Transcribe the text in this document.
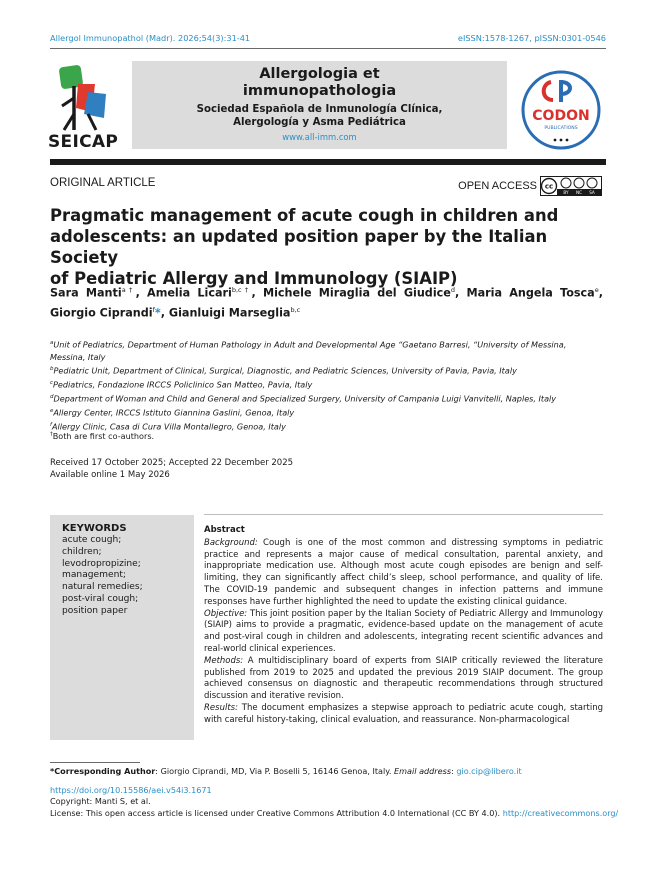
Allergol Immunopathol (Madr). 2026;54(3):31-41	eISSN:1578-1267, pISSN:0301-0546
SEICAP
Allergologia et
immunopathologia
Sociedad Española de Inmunología Clínica,
Alergología y Asma Pediátrica
www.all-imm.com
CODON
PUBLICATIONS
ORIGINAL ARTICLE	OPEN ACCESS cc
BY NC SA
Pragmatic management of acute cough in children and
adolescents: an updated position paper by the Italian Society
of Pediatric Allergy and Immunology (SIAIP)
Sara Manti$^{a\dagger}$, Amelia Licari$^{b,c\dagger}$, Michele Miraglia del Giudice$^d$, Maria Angela Tosca$^e$, Giorgio Ciprandi$^f$*, Gianluigi Marseglia$^{b,c}$
$^a$Unit of Pediatrics, Department of Human Pathology in Adult and Developmental Age “Gaetano Barresi, “University of Messina, Messina, Italy
$^b$Pediatric Unit, Department of Clinical, Surgical, Diagnostic, and Pediatric Sciences, University of Pavia, Pavia, Italy
$^c$Pediatrics, Fondazione IRCCS Policlinico San Matteo, Pavia, Italy
$^d$Department of Woman and Child and General and Specialized Surgery, University of Campania Luigi Vanvitelli, Naples, Italy
$^e$Allergy Center, IRCCS Istituto Giannina Gaslini, Genoa, Italy
$^f$Allergy Clinic, Casa di Cura Villa Montallegro, Genoa, Italy
†Both are first co-authors.
Received 17 October 2025; Accepted 22 December 2025
Available online 1 May 2026
KEYWORDS
acute cough;
children;
levodropropizine;
management;
natural remedies;
post-viral cough;
position paper
Abstract

Background: Cough is one of the most common and distressing symptoms in pediatric practice and represents a major cause of medical consultation, parental anxiety, and inappropriate medication use. Although most acute cough episodes are benign and self-limiting, they can significantly affect child’s sleep, school performance, and quality of life. The COVID-19 pandemic and subsequent changes in infection patterns and immune responses have further highlighted the need to update the existing clinical guidance.

Objective: This joint position paper by the Italian Society of Pediatric Allergy and Immunology (SIAIP) aims to provide a pragmatic, evidence-based update on the management of acute and post-viral cough in children and adolescents, integrating recent scientific advances and real-world clinical experiences.

Methods: A multidisciplinary board of experts from SIAIP critically reviewed the literature published from 2019 to 2025 and updated the previous 2019 SIAIP document. The group achieved consensus on diagnostic and therapeutic recommendations through structured discussion and iterative revision.

Results: The document emphasizes a stepwise approach to pediatric acute cough, starting with careful history-taking, clinical evaluation, and reassurance. Non-pharmacological

*Corresponding Author: Giorgio Ciprandi, MD, Via P. Boselli 5, 16146 Genoa, Italy. Email address: gio.cip@libero.it
https://doi.org/10.15586/aei.v54i3.1671
Copyright: Manti S, et al.
License: This open access article is licensed under Creative Commons Attribution 4.0 International (CC BY 4.0). http://creativecommons.org/
